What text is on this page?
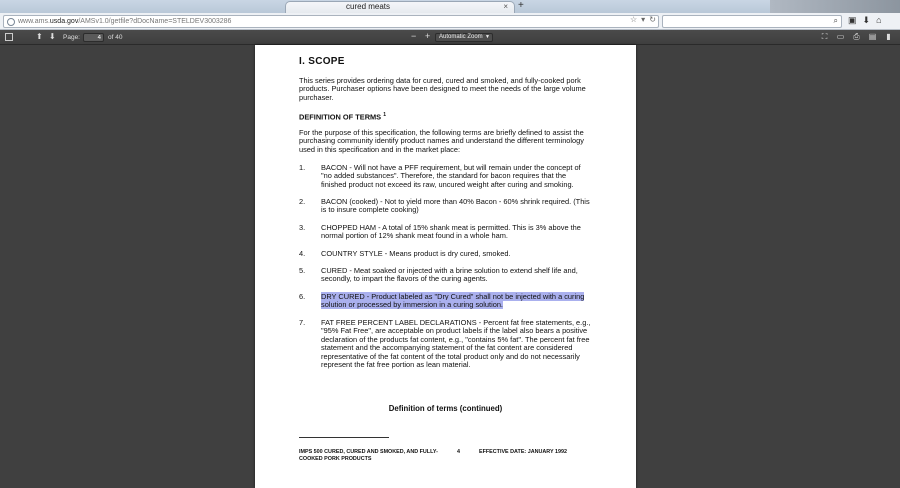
cured meats	× +
www.ams.usda.gov/AMSv1.0/getfile?dDocName=STELDEV3003286	⌕
☆ ▾ ↻	▣ ⬇ ⌂
⬆ ⬇ Page:
4	of 40	− +	Automatic Zoom ▼	⛶ ▭ ⎙ ▤ ▮
I. SCOPE
This series provides ordering data for cured, cured and smoked, and fully-cooked pork products. Purchaser options have been designed to meet the needs of the large volume purchaser.
DEFINITION OF TERMS $^1$
For the purpose of this specification, the following terms are briefly defined to assist the purchasing community identify product names and understand the different terminology used in this specification and in the market place:
1. BACON - Will not have a PFF requirement, but will remain under the concept of "no added substances". Therefore, the standard for bacon requires that the finished product not exceed its raw, uncured weight after curing and smoking.
2. BACON (cooked) - Not to yield more than 40% Bacon - 60% shrink required. (This is to insure complete cooking)
3. CHOPPED HAM - A total of 15% shank meat is permitted. This is 3% above the normal portion of 12% shank meat found in a whole ham.
4. COUNTRY STYLE - Means product is dry cured, smoked.
5. CURED - Meat soaked or injected with a brine solution to extend shelf life and, secondly, to impart the flavors of the curing agents.
6. DRY CURED - Product labeled as "Dry Cured" shall not be injected with a curing solution or processed by immersion in a curing solution.
7. FAT FREE PERCENT LABEL DECLARATIONS - Percent fat free statements, e.g., "95% Fat Free", are acceptable on product labels if the label also bears a positive declaration of the products fat content, e.g., "contains 5% fat". The percent fat free statement and the accompanying statement of the fat content are considered representative of the fat content of the total product only and do not necessarily represent the fat free portion as lean material.
Definition of terms (continued)
IMPS 500 CURED, CURED AND SMOKED, AND FULLY-COOKED PORK PRODUCTS
4	EFFECTIVE DATE: JANUARY 1992
